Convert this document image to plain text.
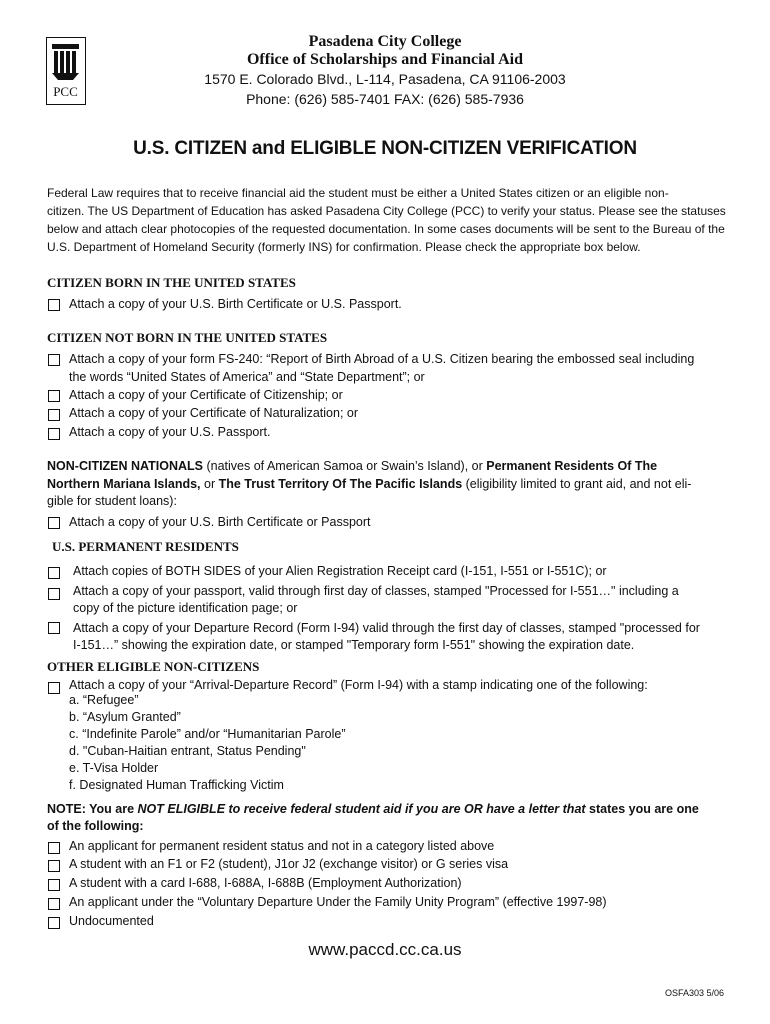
PCC
Pasadena City College
Office of Scholarships and Financial Aid
1570 E. Colorado Blvd., L-114, Pasadena, CA 91106-2003
Phone: (626) 585-7401 FAX: (626) 585-7936
U.S. CITIZEN and ELIGIBLE NON-CITIZEN VERIFICATION
Federal Law requires that to receive financial aid the student must be either a United States citizen or an eligible non-
citizen. The US Department of Education has asked Pasadena City College (PCC) to verify your status. Please see the statuses
below and attach clear photocopies of the requested documentation. In some cases documents will be sent to the Bureau of the
U.S. Department of Homeland Security (formerly INS) for confirmation. Please check the appropriate box below.
CITIZEN BORN IN THE UNITED STATES
Attach a copy of your U.S. Birth Certificate or U.S. Passport.
CITIZEN NOT BORN IN THE UNITED STATES
Attach a copy of your form FS-240: “Report of Birth Abroad of a U.S. Citizen bearing the embossed seal including
the words “United States of America” and “State Department”; or
Attach a copy of your Certificate of Citizenship; or
Attach a copy of your Certificate of Naturalization; or
Attach a copy of your U.S. Passport.
NON-CITIZEN NATIONALS (natives of American Samoa or Swain’s Island), or Permanent Residents Of The
Northern Mariana Islands, or The Trust Territory Of The Pacific Islands (eligibility limited to grant aid, and not eli-
gible for student loans):
Attach a copy of your U.S. Birth Certificate or Passport
U.S. PERMANENT RESIDENTS
Attach copies of BOTH SIDES of your Alien Registration Receipt card (I-151, I-551 or I-551C); or
Attach a copy of your passport, valid through first day of classes, stamped "Processed for I-551…" including a
copy of the picture identification page; or
Attach a copy of your Departure Record (Form I-94) valid through the first day of classes, stamped "processed for
I-151…” showing the expiration date, or stamped "Temporary form I-551" showing the expiration date.
OTHER ELIGIBLE NON-CITIZENS
Attach a copy of your “Arrival-Departure Record” (Form I-94) with a stamp indicating one of the following:
a. “Refugee”
b. “Asylum Granted”
c. “Indefinite Parole” and/or “Humanitarian Parole”
d. "Cuban-Haitian entrant, Status Pending"
e. T-Visa Holder
f. Designated Human Trafficking Victim
NOTE: You are NOT ELIGIBLE to receive federal student aid if you are OR have a letter that states you are one
of the following:
An applicant for permanent resident status and not in a category listed above
A student with an F1 or F2 (student), J1or J2 (exchange visitor) or G series visa
A student with a card I-688, I-688A, I-688B (Employment Authorization)
An applicant under the “Voluntary Departure Under the Family Unity Program” (effective 1997-98)
Undocumented
www.paccd.cc.ca.us
OSFA303 5/06
